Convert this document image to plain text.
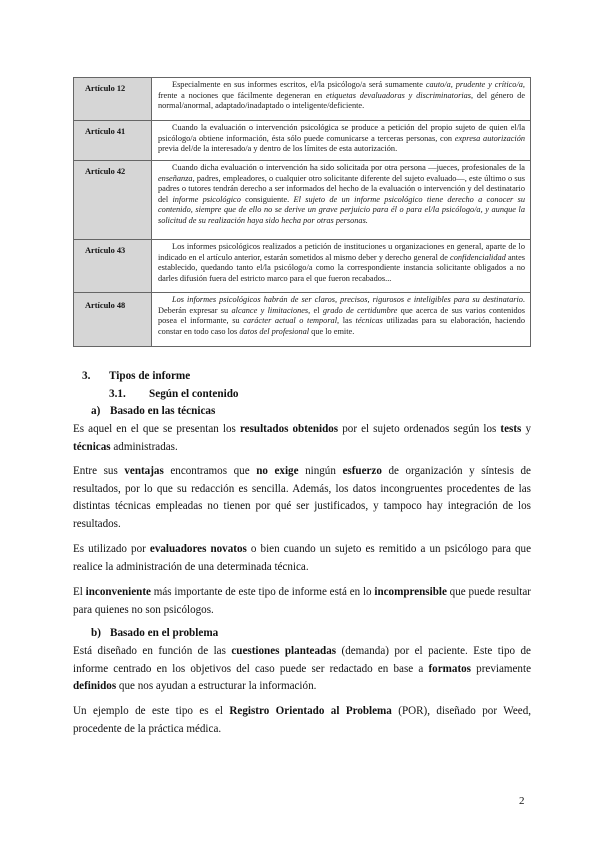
Artículo 12	Especialmente en sus informes escritos, el/la psicólogo/a será sumamente cauto/a, prudente y crítico/a, frente a nociones que fácilmente degeneran en etiquetas devaluadoras y discriminatorias, del género de normal/anormal, adaptado/inadaptado o inteligente/deficiente.

Artículo 41	Cuando la evaluación o intervención psicológica se produce a petición del propio sujeto de quien el/la psicólogo/a obtiene información, ésta sólo puede comunicarse a terceras personas, con expresa autorización previa del/de la interesado/a y dentro de los límites de esta autorización.

Artículo 42	Cuando dicha evaluación o intervención ha sido solicitada por otra persona —jueces, profesionales de la enseñanza, padres, empleadores, o cualquier otro solicitante diferente del sujeto evaluado—, este último o sus padres o tutores tendrán derecho a ser informados del hecho de la evaluación o intervención y del destinatario del informe psicológico consiguiente. El sujeto de un informe psicológico tiene derecho a conocer su contenido, siempre que de ello no se derive un grave perjuicio para él o para el/la psicólogo/a, y aunque la solicitud de su realización haya sido hecha por otras personas.

Artículo 43	Los informes psicológicos realizados a petición de instituciones u organizaciones en general, aparte de lo indicado en el artículo anterior, estarán sometidos al mismo deber y derecho general de confidencialidad antes establecido, quedando tanto el/la psicólogo/a como la correspondiente instancia solicitante obligados a no darles difusión fuera del estricto marco para el que fueron recabados...

Artículo 48	Los informes psicológicos habrán de ser claros, precisos, rigurosos e inteligibles para su destinatario. Deberán expresar su alcance y limitaciones, el grado de certidumbre que acerca de sus varios contenidos posea el informante, su carácter actual o temporal, las técnicas utilizadas para su elaboración, haciendo constar en todo caso los datos del profesional que lo emite.
3. Tipos de informe
3.1. Según el contenido
a) Basado en las técnicas
Es aquel en el que se presentan los resultados obtenidos por el sujeto ordenados según los tests y técnicas administradas.
Entre sus ventajas encontramos que no exige ningún esfuerzo de organización y síntesis de resultados, por lo que su redacción es sencilla. Además, los datos incongruentes procedentes de las distintas técnicas empleadas no tienen por qué ser justificados, y tampoco hay integración de los resultados.
Es utilizado por evaluadores novatos o bien cuando un sujeto es remitido a un psicólogo para que realice la administración de una determinada técnica.
El inconveniente más importante de este tipo de informe está en lo incomprensible que puede resultar para quienes no son psicólogos.
b) Basado en el problema
Está diseñado en función de las cuestiones planteadas (demanda) por el paciente. Este tipo de informe centrado en los objetivos del caso puede ser redactado en base a formatos previamente definidos que nos ayudan a estructurar la información.
Un ejemplo de este tipo es el Registro Orientado al Problema (POR), diseñado por Weed, procedente de la práctica médica.
2
